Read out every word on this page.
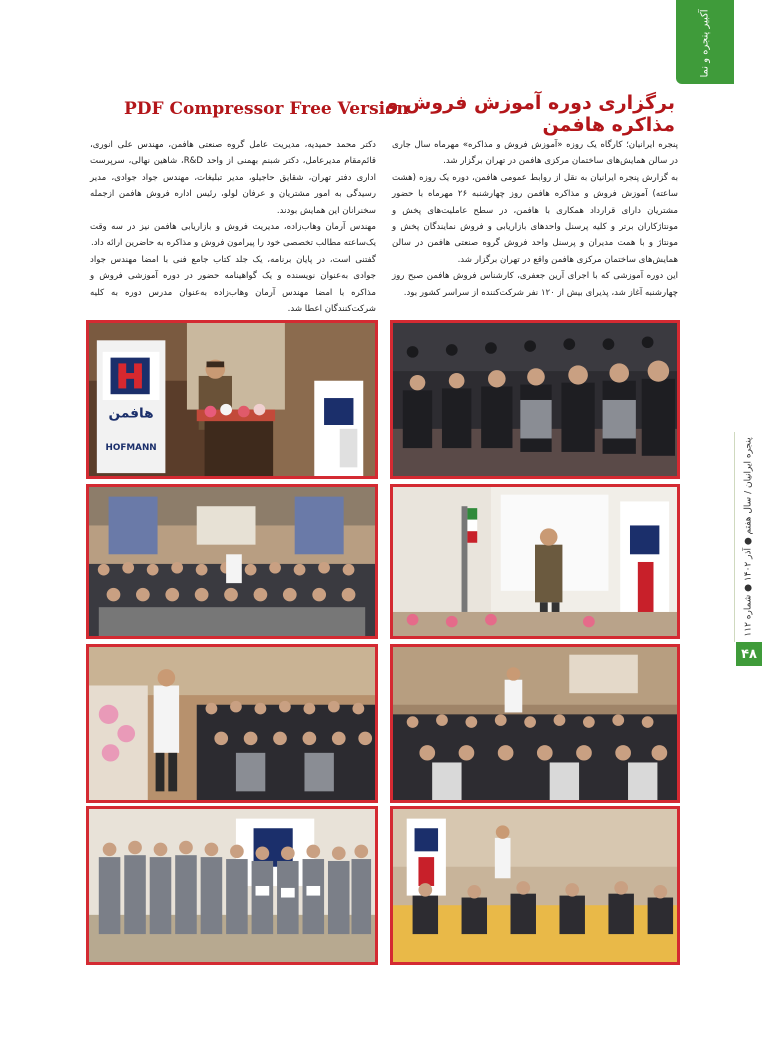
آکبیر پنجره و نما
برگزاری دوره آموزش فروش و مذاکره هافمن
PDF Compressor Free Version

پنجره ایرانیان؛ کارگاه یک روزه «آموزش فروش و مذاکره» مهرماه سال جاری در سالن همایش‌های ساختمان مرکزی هافمن در تهران برگزار شد.

به گزارش پنجره ایرانیان به نقل از روابط عمومی هافمن، دوره یک روزه (هشت ساعته) آموزش فروش و مذاکره هافمن روز چهارشنبه ۲۶ مهرماه با حضور مشتریان دارای قرارداد همکاری با هافمن، در سطح عاملیت‌های پخش و مونتاژکاران برتر و کلیه پرسنل واحدهای بازاریابی و فروش نمایندگان پخش و مونتاژ و با همت مدیران و پرسنل واحد فروش گروه صنعتی هافمن در سالن همایش‌های ساختمان مرکزی هافمن واقع در تهران برگزار شد.

این دوره آموزشی که با اجرای آرین جعفری، کارشناس فروش هافمن صبح روز چهارشنبه آغاز شد، پذیرای بیش از ۱۲۰ نفر شرکت‌کننده از سراسر کشور بود.

دکتر محمد حمیدیه، مدیریت عامل گروه صنعتی هافمن، مهندس علی انوری، قائم‌مقام مدیرعامل، دکتر شبنم بهمنی از واحد R&D، شاهین نهالی، سرپرست اداری دفتر تهران، شقایق حاجیلو، مدیر تبلیغات، مهندس جواد جوادی، مدیر رسیدگی به امور مشتریان و عرفان لولو، رئیس اداره فروش هافمن ازجمله سخنرانان این همایش بودند.

مهندس آرمان وهاب‌زاده، مدیریت فروش و بازاریابی هافمن نیز در سه وقت یک‌ساعته مطالب تخصصی خود را پیرامون فروش و مذاکره به حاضرین ارائه داد.

گفتنی است، در پایان برنامه، یک جلد کتاب جامع فنی با امضا مهندس جواد جوادی به‌عنوان نویسنده و یک گواهینامه حضور در دوره آموزشی فروش و مذاکره با امضا مهندس آرمان وهاب‌زاده به‌عنوان مدرس دوره به کلیه شرکت‌کنندگان اعطا شد.

هافمن
HOFMANN
پنجره ایرانیان / سال هفتم ● آذر ۱۴۰۲ ● شماره ۱۱۲
۴۸
